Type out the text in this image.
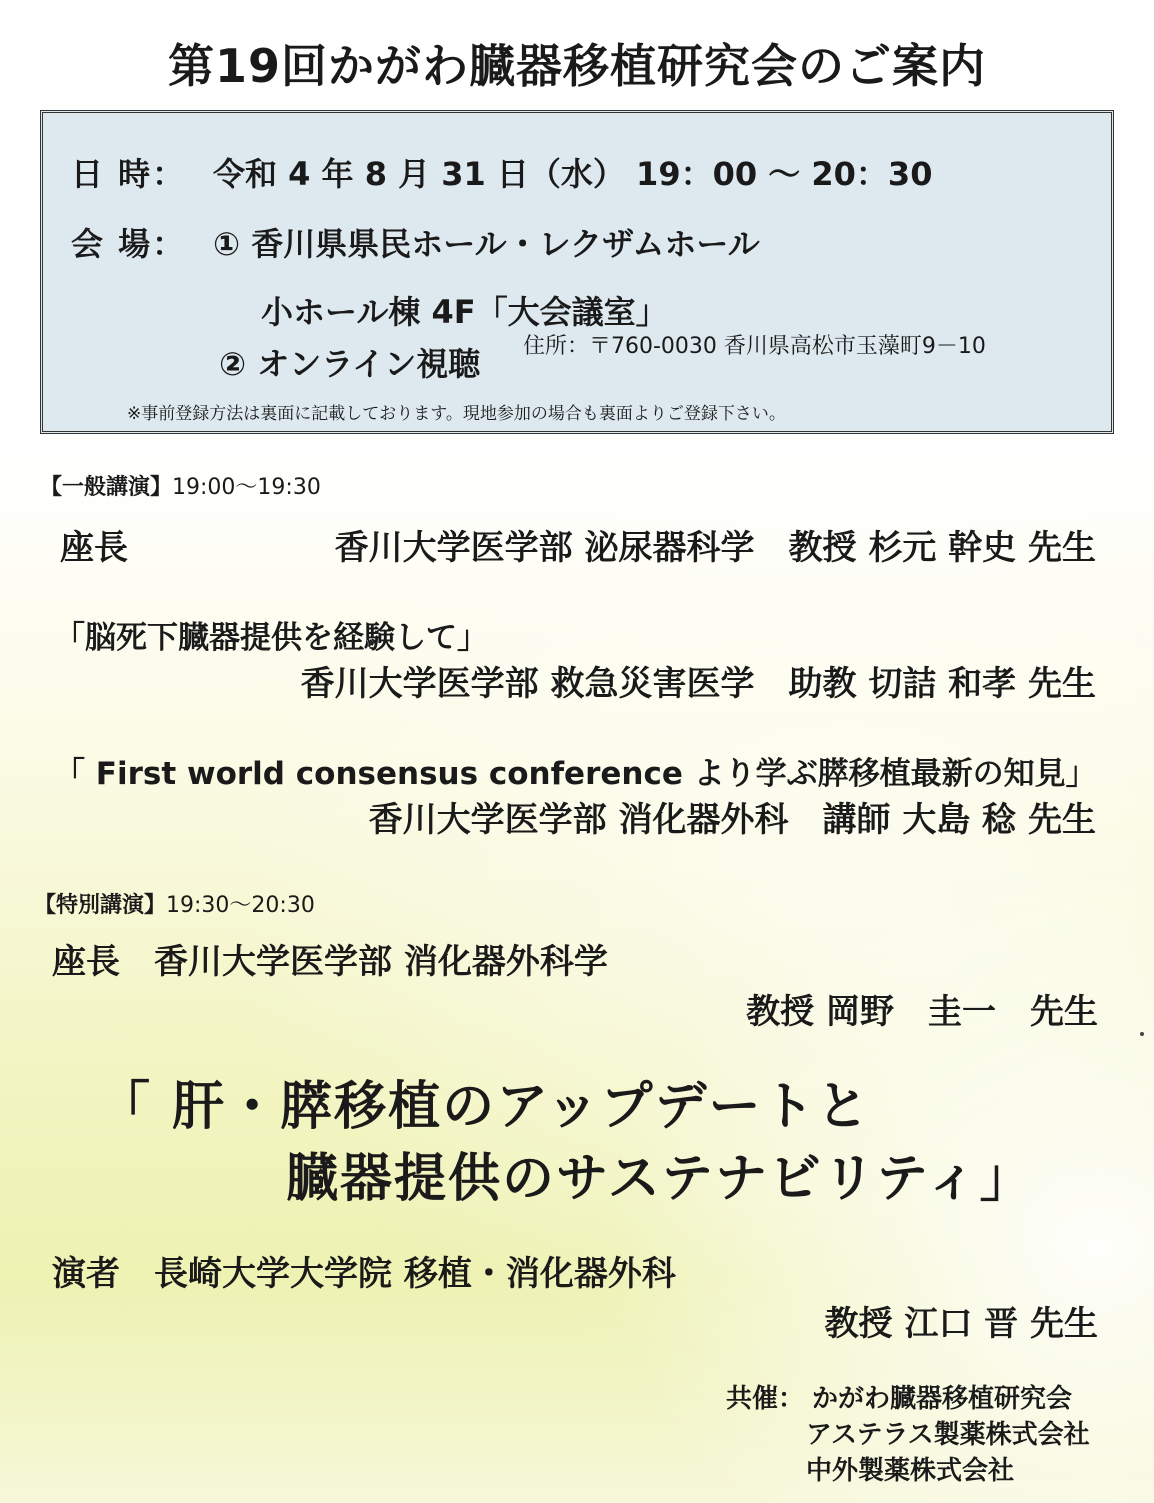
第19回かがわ臓器移植研究会のご案内
日 時： 令和 4 年 8 月 31 日（水） 19：00 ～ 20：30
会 場： ① 香川県県民ホール・レクザムホール
小ホール棟 4F「大会議室」
② オンライン視聴 住所：〒760-0030 香川県高松市玉藻町9－10
※事前登録方法は裏面に記載しております。現地参加の場合も裏面よりご登録下さい。
【一般講演】19:00～19:30
座長	香川大学医学部 泌尿器科学　教授 杉元 幹史 先生
「脳死下臓器提供を経験して」
香川大学医学部 救急災害医学　助教 切詰 和孝 先生
「 First world consensus conference より学ぶ膵移植最新の知見」
香川大学医学部 消化器外科　講師 大島 稔 先生
【特別講演】19:30～20:30
座長　香川大学医学部 消化器外科学
教授 岡野　圭一　先生
「 肝・膵移植のアップデートと
臓器提供のサステナビリティ」
演者　長崎大学大学院 移植・消化器外科
教授 江口 晋 先生
共催： かがわ臓器移植研究会
アステラス製薬株式会社
中外製薬株式会社
